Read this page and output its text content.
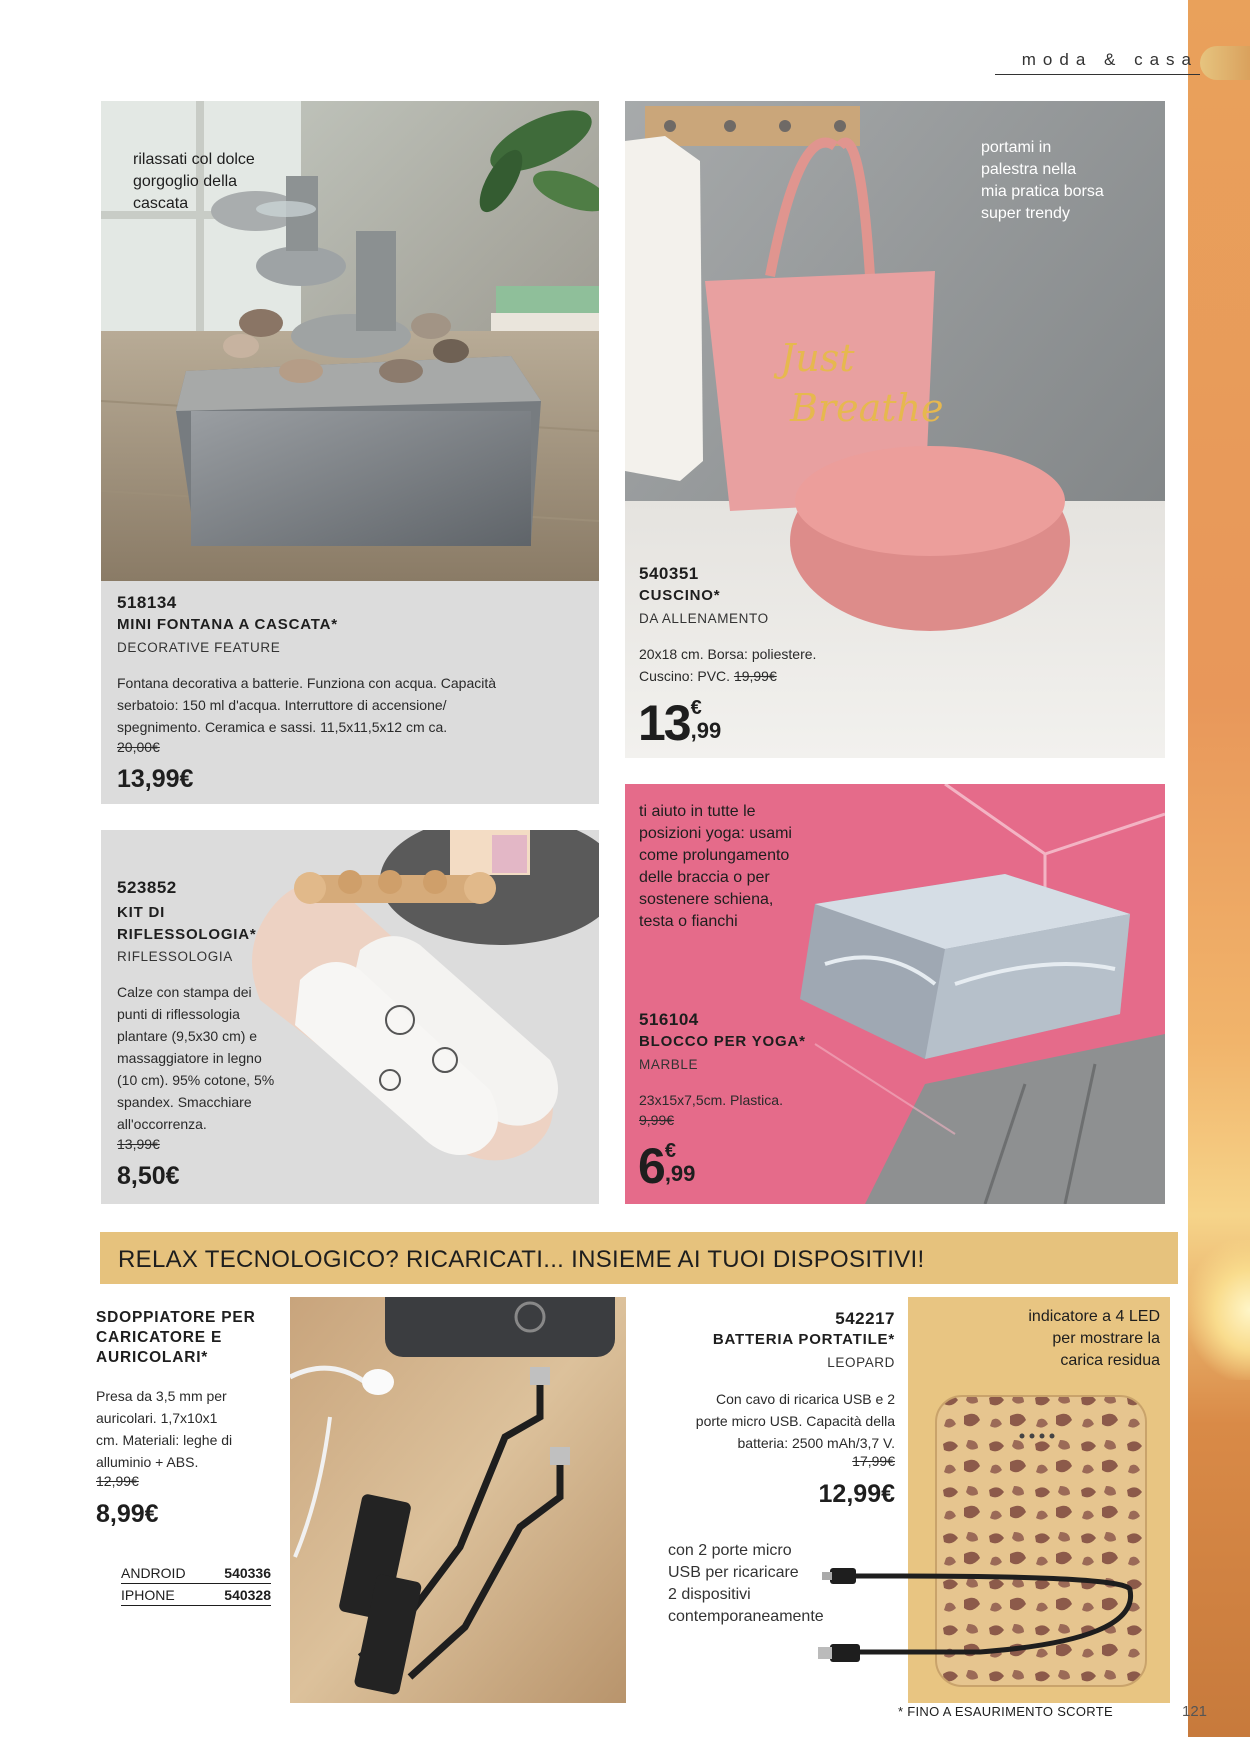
moda & casa
rilassati col dolce
gorgoglio della
cascata
518134
MINI FONTANA A CASCATA*
DECORATIVE FEATURE
Fontana decorativa a batterie. Funziona con acqua. Capacità
serbatoio: 150 ml d'acqua. Interruttore di accensione/
spegnimento. Ceramica e sassi. 11,5x11,5x12 cm ca.
20,00€
13,99€
Just
Breathe
portami in
palestra nella
mia pratica borsa
super trendy
540351
CUSCINO*
DA ALLENAMENTO
20x18 cm. Borsa: poliestere.
Cuscino: PVC. 19,99€
13 €
,99
523852
KIT DI
RIFLESSOLOGIA*
RIFLESSOLOGIA
Calze con stampa dei
punti di riflessologia
plantare (9,5x30 cm) e
massaggiatore in legno
(10 cm). 95% cotone, 5%
spandex. Smacchiare
all'occorrenza.
13,99€
8,50€
ti aiuto in tutte le
posizioni yoga: usami
come prolungamento
delle braccia o per
sostenere schiena,
testa o fianchi
516104
BLOCCO PER YOGA*
MARBLE
23x15x7,5cm. Plastica.
9,99€
6 €
,99
RELAX TECNOLOGICO? RICARICATI... INSIEME AI TUOI DISPOSITIVI!
SDOPPIATORE PER
CARICATORE E
AURICOLARI*
Presa da 3,5 mm per
auricolari. 1,7x10x1
cm. Materiali: leghe di
alluminio + ABS.
12,99€
8,99€
ANDROID	540336
IPHONE	540328
542217
BATTERIA PORTATILE*
LEOPARD
Con cavo di ricarica USB e 2
porte micro USB. Capacità della
batteria: 2500 mAh/3,7 V.
17,99€
12,99€
indicatore a 4 LED
per mostrare la
carica residua
con 2 porte micro
USB per ricaricare
2 dispositivi
contemporaneamente
* FINO A ESAURIMENTO SCORTE	121
